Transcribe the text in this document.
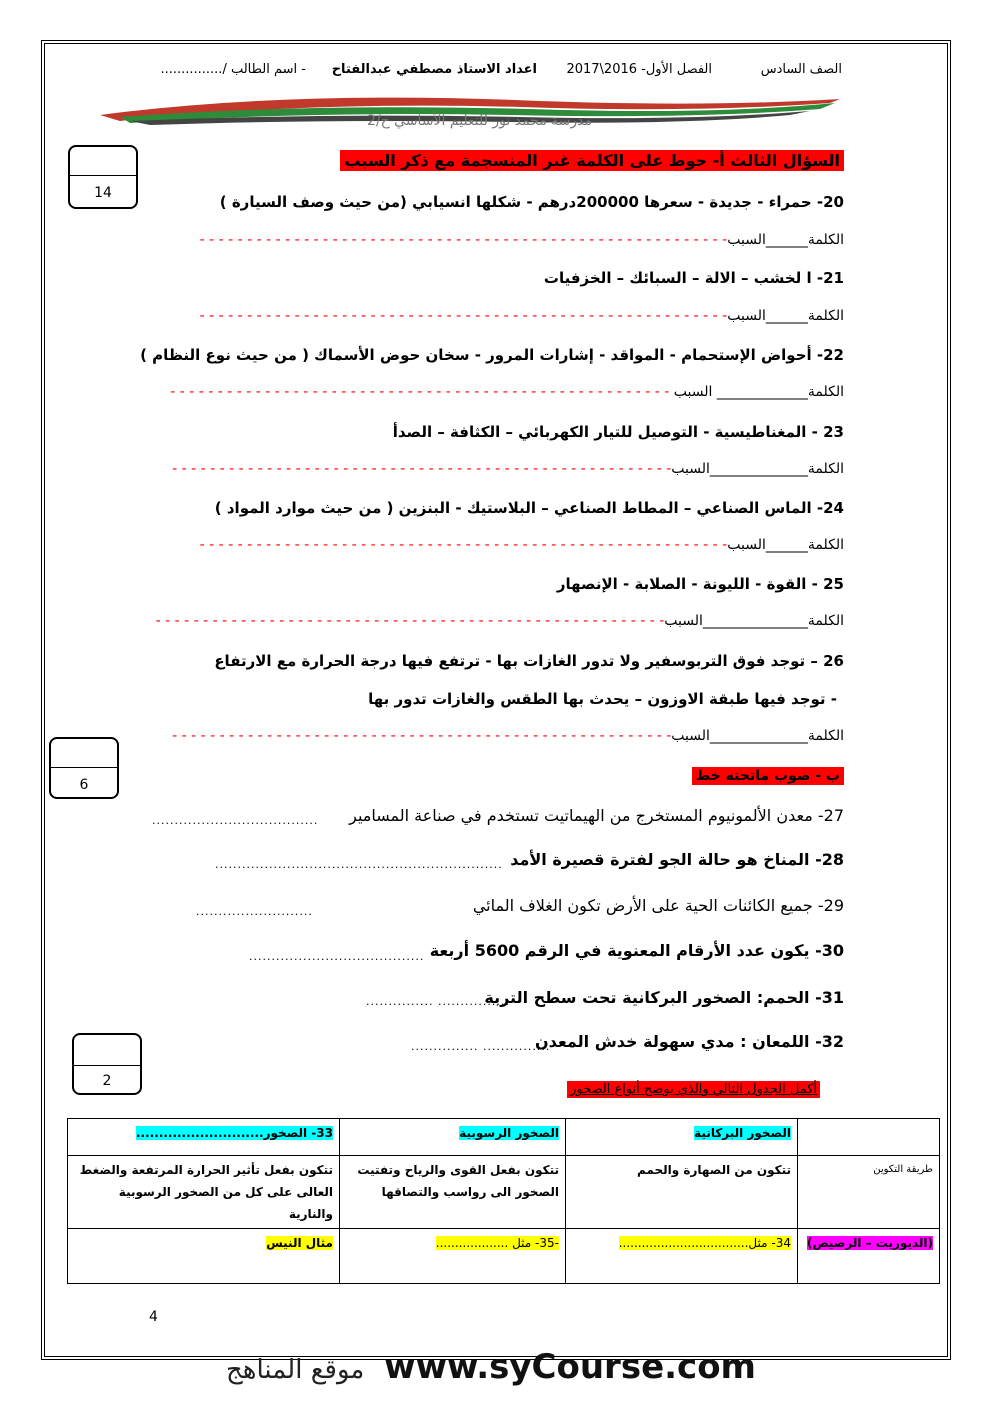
الصف السادس
الفصل الأول- 2016\2017
اعداد الاستاذ مصطفي عبدالفتاح
- اسم الطالب /...............
مدرسة محمد نور للتعليم الأساسي ح/2
14
السؤال الثالث أ- حوط على الكلمة غير المنسجمة مع ذكر السبب
20- حمراء - جديدة - سعرها 200000درهم - شكلها انسيابي (من حيث وصف السيارة )
الكلمة______السبب- - - - - - - - - - - - - - - - - - - - - - - - - - - - - - - - - - - - - - - - - - - - - - - - - - - - - - - -
21- ا لخشب – الالة – السبائك – الخزفيات
الكلمة______السبب- - - - - - - - - - - - - - - - - - - - - - - - - - - - - - - - - - - - - - - - - - - - - - - - - - - - - - - -
22- أحواض الإستحمام - المواقد - إشارات المرور - سخان حوض الأسماك ( من حيث نوع النظام )
الكلمة_____________ السبب - - - - - - - - - - - - - - - - - - - - - - - - - - - - - - - - - - - - - - - - - - - - - - - - - - - - -
23 - المغناطيسية - التوصيل للتيار الكهربائي – الكثافة – الصدأ
الكلمة______________السبب- - - - - - - - - - - - - - - - - - - - - - - - - - - - - - - - - - - - - - - - - - - - - - - - - - - - -
24- الماس الصناعي – المطاط الصناعي – البلاستيك - البنزين ( من حيث موارد المواد )
الكلمة______السبب- - - - - - - - - - - - - - - - - - - - - - - - - - - - - - - - - - - - - - - - - - - - - - - - - - - - - - - -
25 - القوة - الليونة - الصلابة - الإنصهار
الكلمة_______________السبب- - - - - - - - - - - - - - - - - - - - - - - - - - - - - - - - - - - - - - - - - - - - - - - - - - - - - -
26 – توجد فوق التربوسفير ولا تدور الغازات بها - ترتفع فيها درجة الحرارة مع الارتفاع
- توجد فيها طبقة الاوزون – يحدث بها الطقس والغازات تدور بها
الكلمة______________السبب- - - - - - - - - - - - - - - - - - - - - - - - - - - - - - - - - - - - - - - - - - - - - - - - - - - - -
6
ب - صوب ماتحته خط
27- معدن الألمونيوم المستخرج من الهيماتيت تستخدم في صناعة المسامير
.....................................
28- المناخ هو حالة الجو لفترة قصيرة الأمد
................................................................
29- جميع الكائنات الحية على الأرض تكون الغلاف المائي
..........................
30- يكون عدد الأرقام المعنوية في الرقم 5600 أربعة
.......................................
31- الحمم: الصخور البركانية تحت سطح التربة
............... ................
32- اللمعان : مدي سهولة خدش المعدن
............... ...............
2
أكمل الجدول التالي والذي يوضح أنواع الصخور
	الصخور البركانية	الصخور الرسوبية	33- الصخور............................
طريقة التكوين	تتكون من الصهارة والحمم	تتكون بفعل القوى والرياح وتفتيت الصخور الى رواسب والتصاقها	تتكون بفعل تأثير الحرارة المرتفعة والضغط العالى على كل من الصخور الرسوبية والنارية
(الديوريت – الرصيص)	34- مثل..................................	-35- مثل ...................	مثال النيس
4
موقع المناهج www.syCourse.com
